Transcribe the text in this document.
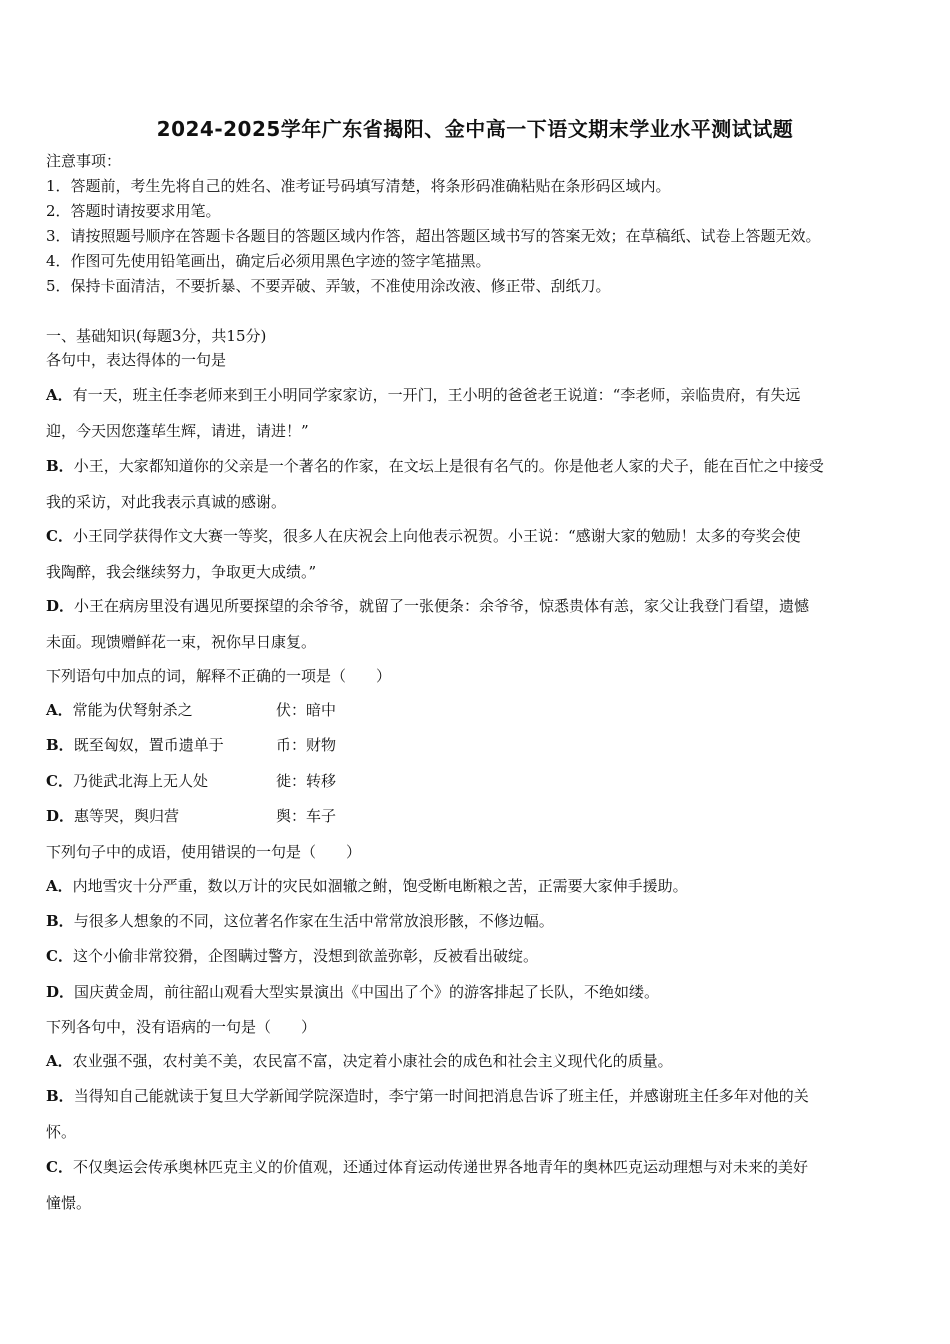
2024-2025学年广东省揭阳、金中高一下语文期末学业水平测试试题
注意事项：
1．答题前，考生先将自己的姓名、准考证号码填写清楚，将条形码准确粘贴在条形码区域内。
2．答题时请按要求用笔。
3．请按照题号顺序在答题卡各题目的答题区域内作答，超出答题区域书写的答案无效；在草稿纸、试卷上答题无效。
4．作图可先使用铅笔画出，确定后必须用黑色字迹的签字笔描黑。
5．保持卡面清洁，不要折暴、不要弄破、弄皱，不准使用涂改液、修正带、刮纸刀。
一、基础知识(每题3分，共15分)
各句中，表达得体的一句是
A．有一天，班主任李老师来到王小明同学家家访，一开门，王小明的爸爸老王说道：“李老师，亲临贵府，有失远
迎，今天因您蓬荜生辉，请进，请进！”
B．小王，大家都知道你的父亲是一个著名的作家，在文坛上是很有名气的。你是他老人家的犬子，能在百忙之中接受
我的采访，对此我表示真诚的感谢。
C．小王同学获得作文大赛一等奖，很多人在庆祝会上向他表示祝贺。小王说：“感谢大家的勉励！太多的夸奖会使
我陶醉，我会继续努力，争取更大成绩。”
D．小王在病房里没有遇见所要探望的余爷爷，就留了一张便条：余爷爷，惊悉贵体有恙，家父让我登门看望，遗憾
未面。现馈赠鲜花一束，祝你早日康复。
下列语句中加点的词，解释不正确的一项是（　　）
A．常能为伏弩射杀之	伏：暗中
B．既至匈奴，置币遗单于	币：财物
C．乃徙武北海上无人处	徙：转移
D．惠等哭，舆归营	舆：车子
下列句子中的成语，使用错误的一句是（　　）
A．内地雪灾十分严重，数以万计的灾民如涸辙之鲋，饱受断电断粮之苦，正需要大家伸手援助。
B．与很多人想象的不同，这位著名作家在生活中常常放浪形骸，不修边幅。
C．这个小偷非常狡猾，企图瞒过警方，没想到欲盖弥彰，反被看出破绽。
D．国庆黄金周，前往韶山观看大型实景演出《中国出了个》的游客排起了长队，不绝如缕。
下列各句中，没有语病的一句是（　　）
A．农业强不强，农村美不美，农民富不富，决定着小康社会的成色和社会主义现代化的质量。
B．当得知自己能就读于复旦大学新闻学院深造时，李宁第一时间把消息告诉了班主任，并感谢班主任多年对他的关
怀。
C．不仅奥运会传承奥林匹克主义的价值观，还通过体育运动传递世界各地青年的奥林匹克运动理想与对未来的美好
憧憬。
